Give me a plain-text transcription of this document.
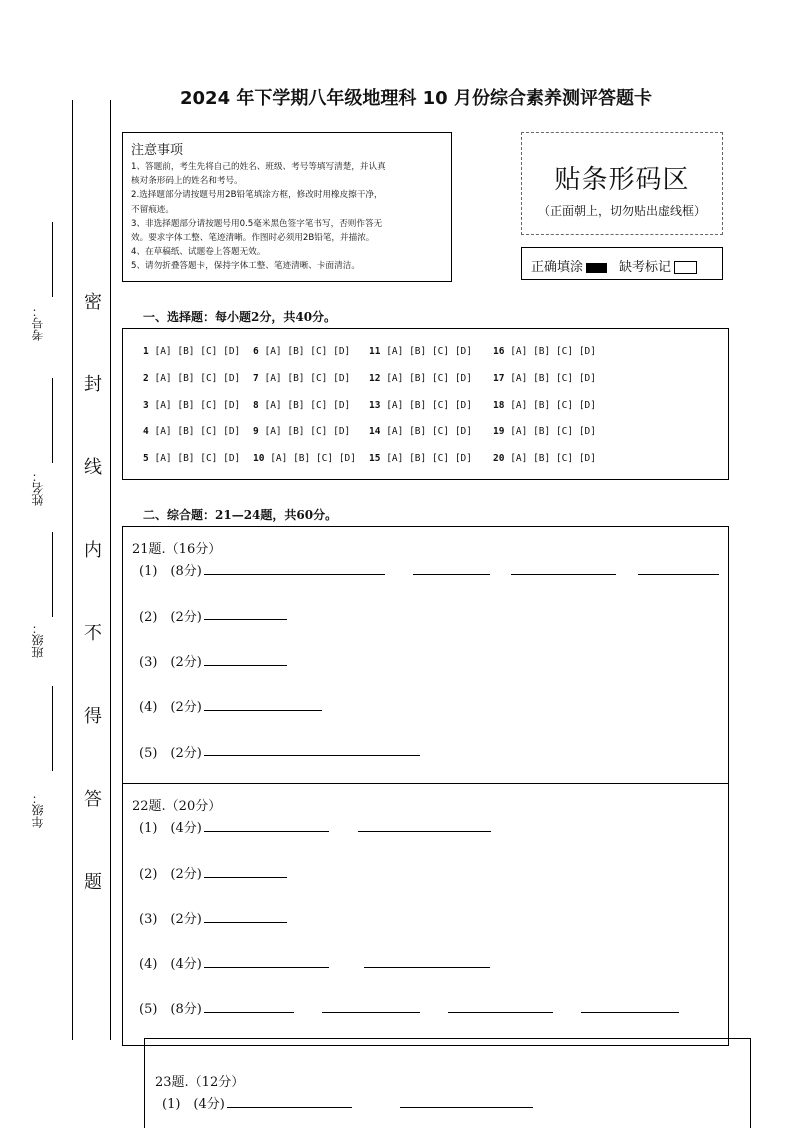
考号：
姓名：
班级：
年级：
密
封
线
内
不
得
答
题
2024 年下学期八年级地理科 10 月份综合素养测评答题卡
注意事项
1、答题前，考生先将自己的姓名、班级、考号等填写清楚，并认真
核对条形码上的姓名和考号。
2.选择题部分请按题号用2B铅笔填涂方框，修改时用橡皮擦干净，
不留痕迹。
3、非选择题部分请按题号用0.5毫米黑色签字笔书写，否则作答无
效。要求字体工整、笔迹清晰。作图时必须用2B铅笔，并描浓。
4、在草稿纸、试题卷上答题无效。
5、请勿折叠答题卡，保持字体工整、笔迹清晰、卡面清洁。
贴条形码区
（正面朝上，切勿贴出虚线框）
正确填涂	缺考标记
一、选择题：每小题2分，共40分。
1 [A] [B] [C] [D]
2 [A] [B] [C] [D]
3 [A] [B] [C] [D]
4 [A] [B] [C] [D]
5 [A] [B] [C] [D]
6 [A] [B] [C] [D]
7 [A] [B] [C] [D]
8 [A] [B] [C] [D]
9 [A] [B] [C] [D]
10 [A] [B] [C] [D]
11 [A] [B] [C] [D]
12 [A] [B] [C] [D]
13 [A] [B] [C] [D]
14 [A] [B] [C] [D]
15 [A] [B] [C] [D]
16 [A] [B] [C] [D]
17 [A] [B] [C] [D]
18 [A] [B] [C] [D]
19 [A] [B] [C] [D]
20 [A] [B] [C] [D]
二、综合题：21—24题，共60分。
21题.（16分）
(1)　(8分)
(2)　(2分)
(3)　(2分)
(4)　(2分)
(5)　(2分)
22题.（20分）
(1)　(4分)
(2)　(2分)
(3)　(2分)
(4)　(4分)
(5)　(8分)
23题.（12分）
(1)　(4分)
